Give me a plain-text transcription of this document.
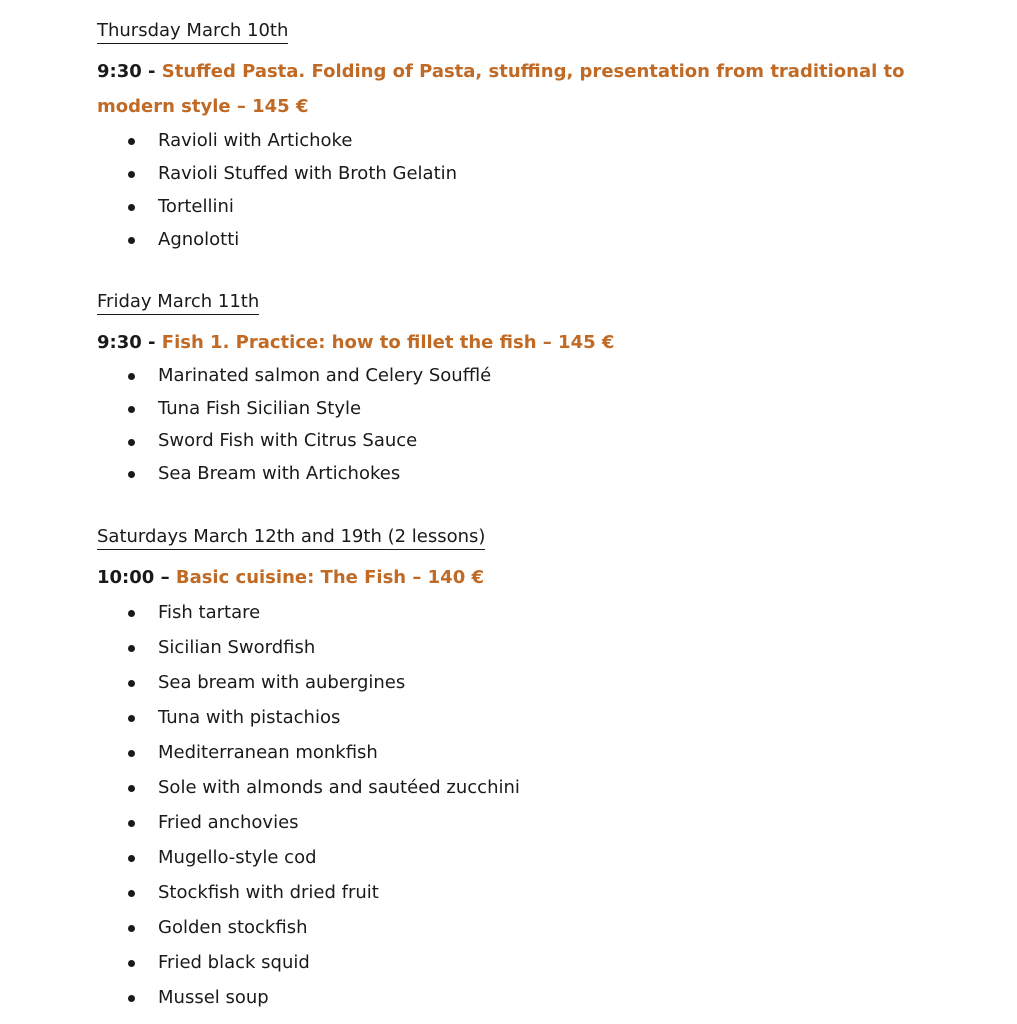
Thursday March 10th
9:30 - Stuffed Pasta. Folding of Pasta, stuffing, presentation from traditional to modern style – 145 €
Ravioli with Artichoke
Ravioli Stuffed with Broth Gelatin
Tortellini
Agnolotti
Friday March 11th
9:30 - Fish 1. Practice: how to fillet the fish – 145 €
Marinated salmon and Celery Soufflé
Tuna Fish Sicilian Style
Sword Fish with Citrus Sauce
Sea Bream with Artichokes
Saturdays March 12th and 19th (2 lessons)
10:00 – Basic cuisine: The Fish – 140 €
Fish tartare
Sicilian Swordfish
Sea bream with aubergines
Tuna with pistachios
Mediterranean monkfish
Sole with almonds and sautéed zucchini
Fried anchovies
Mugello-style cod
Stockfish with dried fruit
Golden stockfish
Fried black squid
Mussel soup
